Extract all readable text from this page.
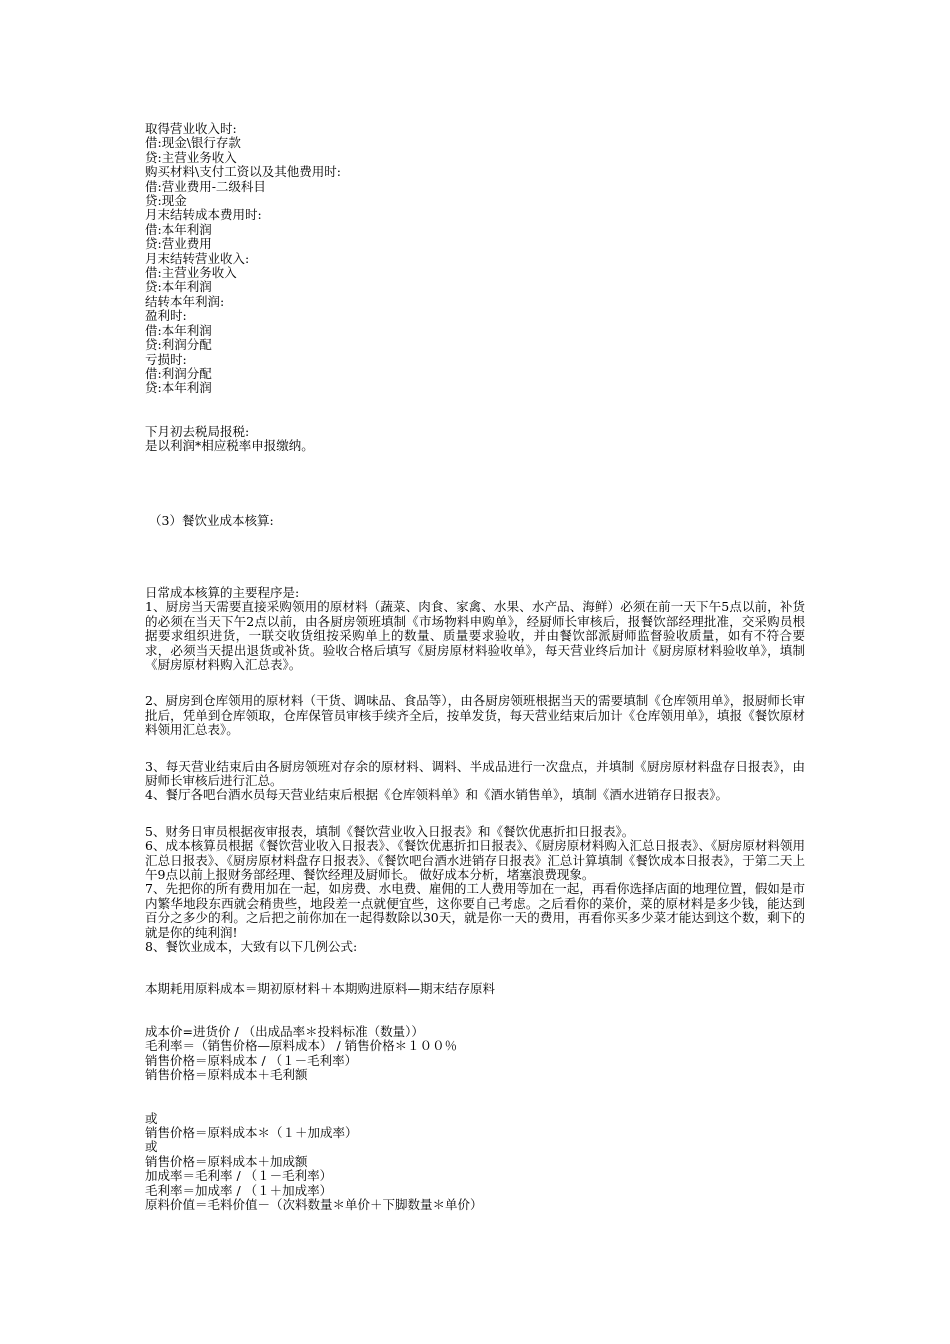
取得营业收入时:

借:现金\银行存款

贷:主营业务收入

购买材料\支付工资以及其他费用时:

借:营业费用-二级科目

贷:现金

月末结转成本费用时:

借:本年利润

贷:营业费用

月末结转营业收入:

借:主营业务收入

贷:本年利润

结转本年利润:

盈利时:

借:本年利润

贷:利润分配

亏损时:

借:利润分配

贷:本年利润

下月初去税局报税:

是以利润*相应税率申报缴纳。

（3）餐饮业成本核算:

日常成本核算的主要程序是:

1、厨房当天需要直接采购领用的原材料（蔬菜、肉食、家禽、水果、水产品、海鲜）必须在前一天下午5点以前，补货的必须在当天下午2点以前，由各厨房领班填制《市场物料申购单》，经厨师长审核后，报餐饮部经理批准，交采购员根据要求组织进货，一联交收货组按采购单上的数量、质量要求验收，并由餐饮部派厨师监督验收质量，如有不符合要求，必须当天提出退货或补货。验收合格后填写《厨房原材料验收单》，每天营业终后加计《厨房原材料验收单》，填制《厨房原材料购入汇总表》。

2、厨房到仓库领用的原材料（干货、调味品、食品等），由各厨房领班根据当天的需要填制《仓库领用单》，报厨师长审批后，凭单到仓库领取，仓库保管员审核手续齐全后，按单发货，每天营业结束后加计《仓库领用单》，填报《餐饮原材料领用汇总表》。

3、每天营业结束后由各厨房领班对存余的原材料、调料、半成品进行一次盘点，并填制《厨房原材料盘存日报表》，由厨师长审核后进行汇总。

4、餐厅各吧台酒水员每天营业结束后根据《仓库领料单》和《酒水销售单》，填制《酒水进销存日报表》。

5、财务日审员根据夜审报表，填制《餐饮营业收入日报表》和《餐饮优惠折扣日报表》。

6、成本核算员根据《餐饮营业收入日报表》、《餐饮优惠折扣日报表》、《厨房原材料购入汇总日报表》、《厨房原材料领用汇总日报表》、《厨房原材料盘存日报表》、《餐饮吧台酒水进销存日报表》汇总计算填制《餐饮成本日报表》，于第二天上午9点以前上报财务部经理、餐饮经理及厨师长。 做好成本分析，堵塞浪费现象。

7、先把你的所有费用加在一起，如房费、水电费、雇佣的工人费用等加在一起，再看你选择店面的地理位置，假如是市内繁华地段东西就会稍贵些，地段差一点就便宜些，这你要自己考虑。之后看你的菜价，菜的原材料是多少钱，能达到百分之多少的利。之后把之前你加在一起得数除以30天，就是你一天的费用，再看你买多少菜才能达到这个数，剩下的就是你的纯利润!

8、餐饮业成本，大致有以下几例公式:

本期耗用原料成本＝期初原材料＋本期购进原料—期末结存原料

成本价=进货价 / （出成品率＊投料标准（数量））

毛利率＝（销售价格—原料成本） / 销售价格＊１００％

销售价格＝原料成本 / （１－毛利率）

销售价格＝原料成本＋毛利额

或

销售价格＝原料成本＊（１＋加成率）

或

销售价格＝原料成本＋加成额

加成率＝毛利率 / （１－毛利率）

毛利率＝加成率 / （１＋加成率）

原料价值＝毛料价值－（次料数量＊单价＋下脚数量＊单价）
